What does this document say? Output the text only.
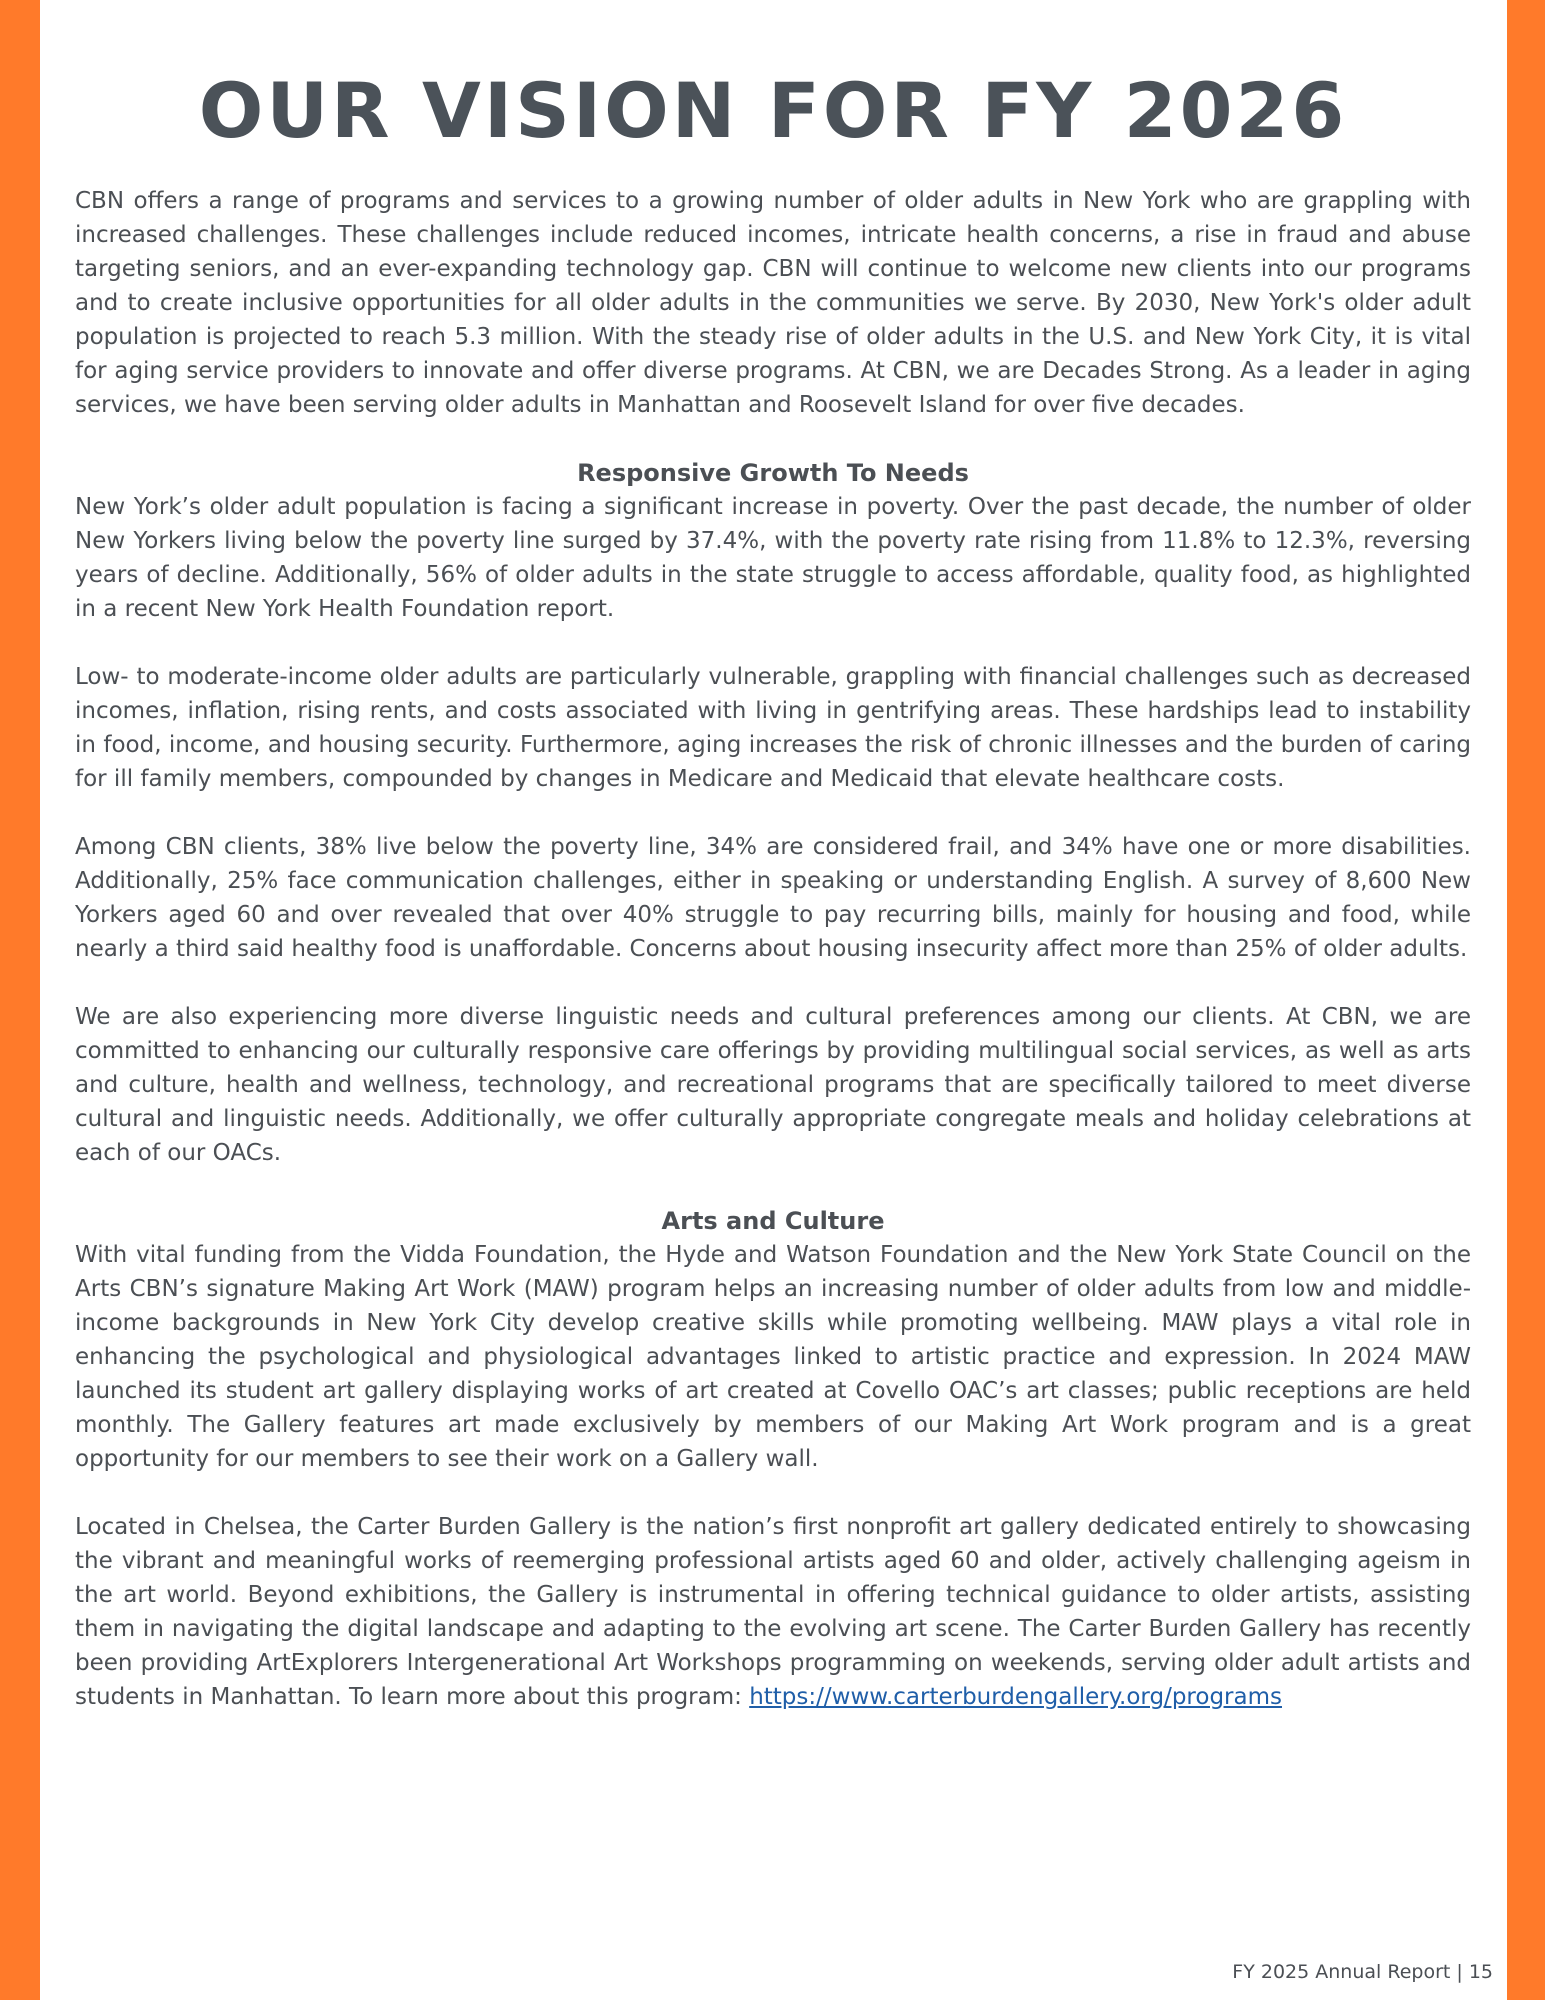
OUR VISION FOR FY 2026

CBN offers a range of programs and services to a growing number of older adults in New York who are grappling with increased challenges. These challenges include reduced incomes, intricate health concerns, a rise in fraud and abuse targeting seniors, and an ever-expanding technology gap. CBN will continue to welcome new clients into our programs and to create inclusive opportunities for all older adults in the communities we serve. By 2030, New York's older adult population is projected to reach 5.3 million. With the steady rise of older adults in the U.S. and New York City, it is vital for aging service providers to innovate and offer diverse programs. At CBN, we are Decades Strong. As a leader in aging services, we have been serving older adults in Manhattan and Roosevelt Island for over five decades.

Responsive Growth To Needs

New York’s older adult population is facing a significant increase in poverty. Over the past decade, the number of older New Yorkers living below the poverty line surged by 37.4%, with the poverty rate rising from 11.8% to 12.3%, reversing years of decline. Additionally, 56% of older adults in the state struggle to access affordable, quality food, as highlighted in a recent New York Health Foundation report.

Low- to moderate-income older adults are particularly vulnerable, grappling with financial challenges such as decreased incomes, inflation, rising rents, and costs associated with living in gentrifying areas. These hardships lead to instability in food, income, and housing security. Furthermore, aging increases the risk of chronic illnesses and the burden of caring for ill family members, compounded by changes in Medicare and Medicaid that elevate healthcare costs.

Among CBN clients, 38% live below the poverty line, 34% are considered frail, and 34% have one or more disabilities. Additionally, 25% face communication challenges, either in speaking or understanding English. A survey of 8,600 New Yorkers aged 60 and over revealed that over 40% struggle to pay recurring bills, mainly for housing and food, while nearly a third said healthy food is unaffordable. Concerns about housing insecurity affect more than 25% of older adults.

We are also experiencing more diverse linguistic needs and cultural preferences among our clients. At CBN, we are committed to enhancing our culturally responsive care offerings by providing multilingual social services, as well as arts and culture, health and wellness, technology, and recreational programs that are specifically tailored to meet diverse cultural and linguistic needs. Additionally, we offer culturally appropriate congregate meals and holiday celebrations at each of our OACs.

Arts and Culture

With vital funding from the Vidda Foundation, the Hyde and Watson Foundation and the New York State Council on the Arts CBN’s signature Making Art Work (MAW) program helps an increasing number of older adults from low and middle-income backgrounds in New York City develop creative skills while promoting wellbeing. MAW plays a vital role in enhancing the psychological and physiological advantages linked to artistic practice and expression. In 2024 MAW launched its student art gallery displaying works of art created at Covello OAC’s art classes; public receptions are held monthly. The Gallery features art made exclusively by members of our Making Art Work program and is a great opportunity for our members to see their work on a Gallery wall.

Located in Chelsea, the Carter Burden Gallery is the nation’s first nonprofit art gallery dedicated entirely to showcasing the vibrant and meaningful works of reemerging professional artists aged 60 and older, actively challenging ageism in the art world. Beyond exhibitions, the Gallery is instrumental in offering technical guidance to older artists, assisting them in navigating the digital landscape and adapting to the evolving art scene. The Carter Burden Gallery has recently been providing ArtExplorers Intergenerational Art Workshops programming on weekends, serving older adult artists and students in Manhattan. To learn more about this program: https://www.carterburdengallery.org/programs

FY 2025 Annual Report | 15
